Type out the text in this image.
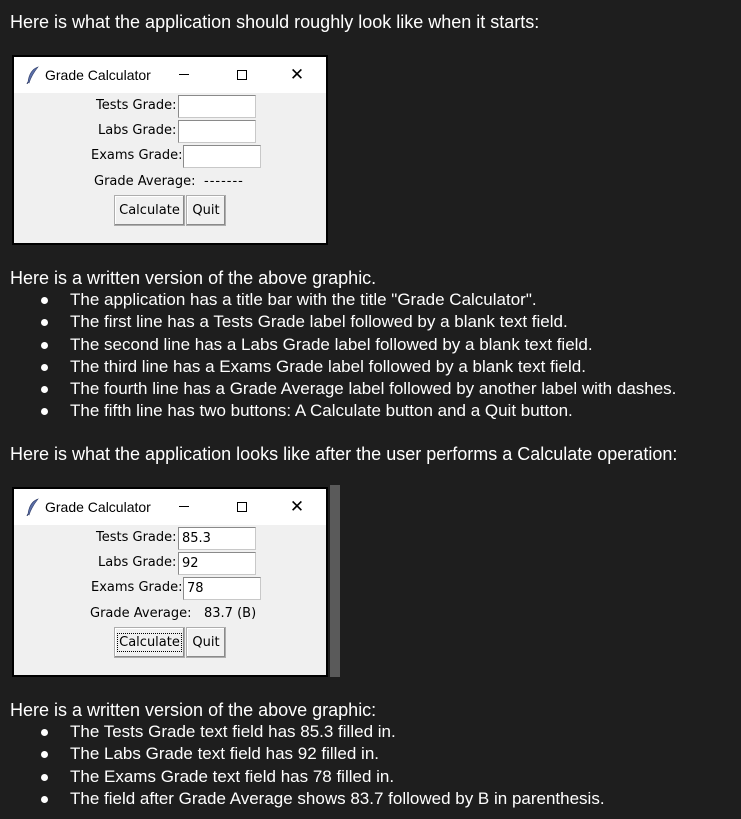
Here is what the application should roughly look like when it starts:

Grade Calculator	✕
Tests Grade:
Labs Grade:
Exams Grade:
Grade Average: -------
Calculate Quit

Here is a written version of the above graphic.

The application has a title bar with the title "Grade Calculator".
The first line has a Tests Grade label followed by a blank text field.
The second line has a Labs Grade label followed by a blank text field.
The third line has a Exams Grade label followed by a blank text field.
The fourth line has a Grade Average label followed by another label with dashes.
The fifth line has two buttons: A Calculate button and a Quit button.

Here is what the application looks like after the user performs a Calculate operation:

Grade Calculator	✕
Tests Grade: 85.3
Labs Grade: 92
Exams Grade: 78
Grade Average: 83.7 (B)
Calculate Quit

Here is a written version of the above graphic:

The Tests Grade text field has 85.3 filled in.
The Labs Grade text field has 92 filled in.
The Exams Grade text field has 78 filled in.
The field after Grade Average shows 83.7 followed by B in parenthesis.
